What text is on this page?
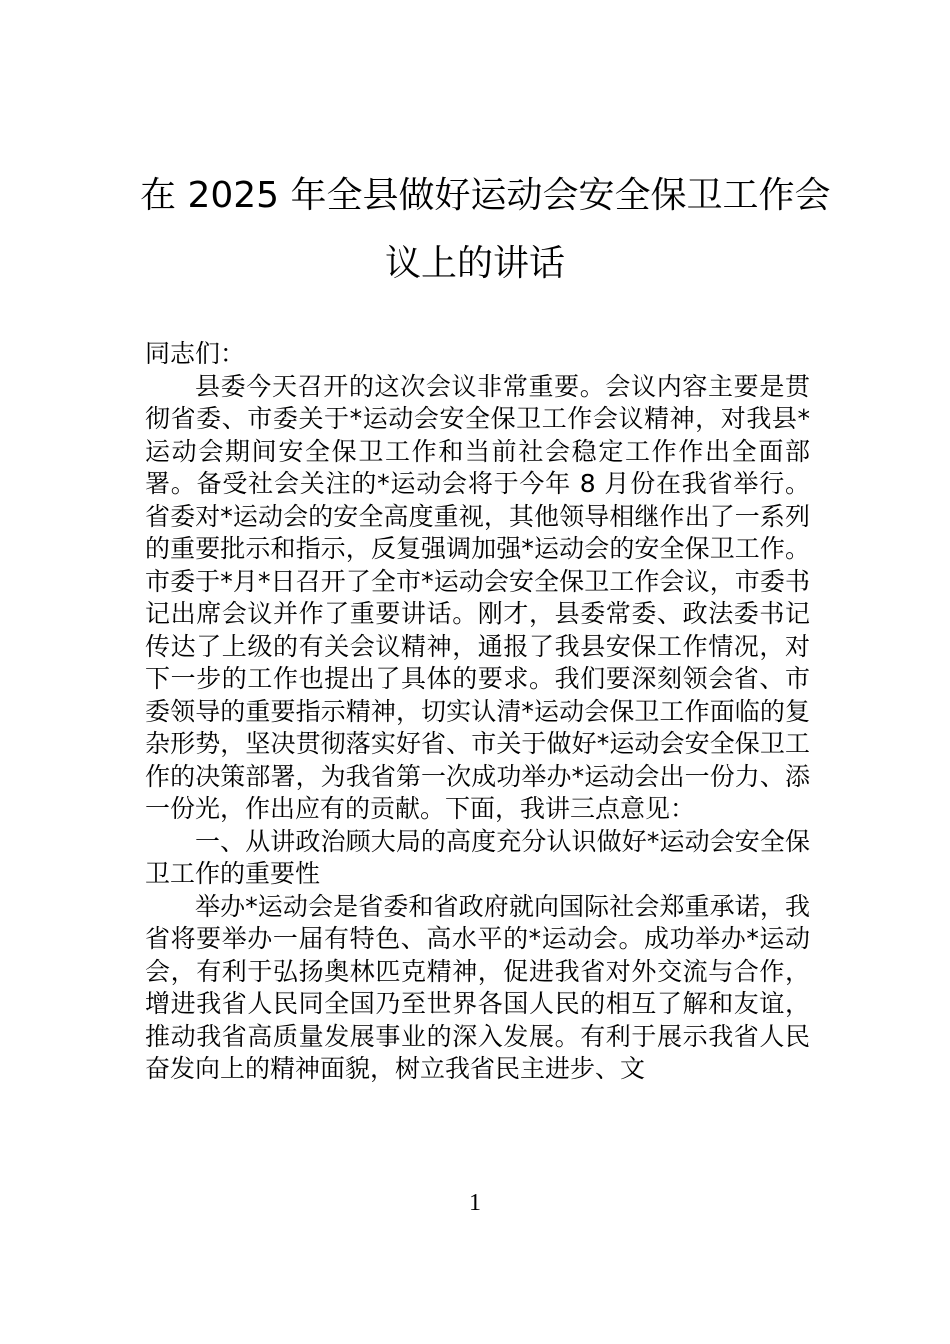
在 2025 年全县做好运动会安全保卫工作会
议上的讲话

同志们：

县委今天召开的这次会议非常重要。会议内容主要是贯彻省委、市委关于*运动会安全保卫工作会议精神，对我县*运动会期间安全保卫工作和当前社会稳定工作作出全面部署。备受社会关注的*运动会将于今年 8 月份在我省举行。省委对*运动会的安全高度重视，其他领导相继作出了一系列的重要批示和指示，反复强调加强*运动会的安全保卫工作。市委于*月*日召开了全市*运动会安全保卫工作会议，市委书记出席会议并作了重要讲话。刚才，县委常委、政法委书记传达了上级的有关会议精神，通报了我县安保工作情况，对下一步的工作也提出了具体的要求。我们要深刻领会省、市委领导的重要指示精神，切实认清*运动会保卫工作面临的复杂形势，坚决贯彻落实好省、市关于做好*运动会安全保卫工作的决策部署，为我省第一次成功举办*运动会出一份力、添一份光，作出应有的贡献。下面，我讲三点意见：

一、从讲政治顾大局的高度充分认识做好*运动会安全保卫工作的重要性

举办*运动会是省委和省政府就向国际社会郑重承诺，我省将要举办一届有特色、高水平的*运动会。成功举办*运动会，有利于弘扬奥林匹克精神，促进我省对外交流与合作，增进我省人民同全国乃至世界各国人民的相互了解和友谊，推动我省高质量发展事业的深入发展。有利于展示我省人民奋发向上的精神面貌，树立我省民主进步、文

1
